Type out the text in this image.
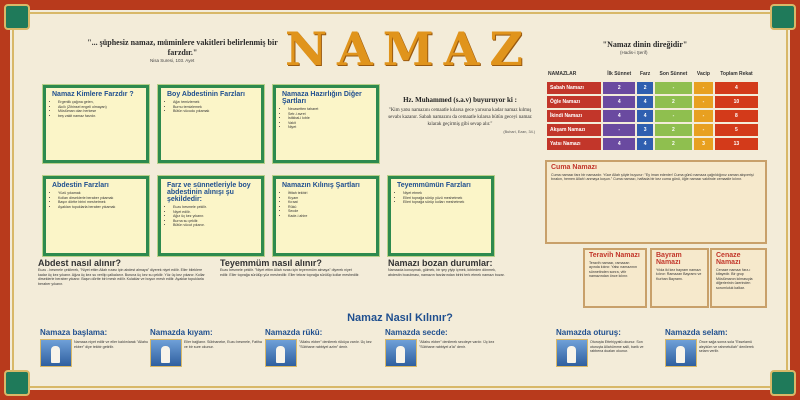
"... şüphesiz namaz, müminlere vakitleri belirlenmiş bir farzdır."
Nisa Suresi, 103. Ayet NAMAZ	"Namaz dinin direğidir"
(Hadis-i Şerif)
Namaz Kimlere Farzdır ?
• Ergenlik çağına gelen,
• Akıllı (Zihinsel engeli olmayan)
• Müslüman olan herkese
• beş vakit namaz farzdır.
Boy Abdestinin Farzları
• Ağzı temizlemek
• Burnu temizlemek
• Bütün vücudu yıkamak
Namaza Hazırlığın Diğer Şartları
• Necasetten taharet
• Setr-i avret
• İstikbal-i kıble
• Vakit
• Niyet
Hz. Muhammed (s.a.v) buyuruyor ki :
"Kim yatsı namazını cemaatle kılarsa gece yarısına kadar namaz kılmış sevabı kazanır. Sabah namazını da cemaatle kılarsa bütün geceyi namaz kılarak geçirmiş gibi sevap alır."
(Buhari, Ezan, 34.)
Abdestin Farzları
• Yüzü yıkamak
• Kolları dirseklerle beraber yıkamak
• Başın dörtte birini meshetmek
• Ayakları topuklarla beraber yıkamak
Farz ve sünnetleriyle boy abdestinin alınışı şu şekildedir:
• Euzu besmele çekilir.
• Niyet edilir.
• Ağız üç kez yıkanır.
• Burna su çekilir.
• Bütün vücut yıkanır.
Namazın Kılınış Şartları
• İftitah tekbiri
• Kıyam
• Kıraat
• Rükû
• Secde
• Kade-i ahire
Teyemmümün Farzları
• Niyet etmek
• Elleri toprağa sürüp yüzü meshetmek
• Elleri toprağa sürüp kolları meshetmek
NAMAZLAR	İlk Sünnet	Farz	Son Sünnet	Vacip	Toplam Rekat
Sabah Namazı	2	2	-	-	4
Öğle Namazı	4	4	2	-	10
İkindi Namazı	4	4	-	-	8
Akşam Namazı	-	3	2	-	5
Yatsı Namazı	4	4	2	3	13
Cuma Namazı

Cuma namazı farz bir namazdır. Yüce Allah şöyle buyurur: "Ey iman edenler! Cuma günü namaza çağrıldığınız zaman alışverişi bırakın, hemen Allah'ı anmaya koşun." Cuma namazı, haftada bir kez cuma günü, öğle namazı vaktinde cemaatle kılınır.

Teravih Namazı

Teravih namazı, ramazan ayında kılınır. Yatsı namazının sünnetinden sonra, vitir namazından önce kılınır.

Bayram Namazı

Yılda iki kez bayram namazı kılınır: Ramazan Bayramı ve Kurban Bayramı.

Cenaze Namazı

Cenaze namazı farz-ı kifayedir. Bir grup Müslümanın kılmasıyla diğerlerinin üzerinden sorumluluk kalkar.

Abdest nasıl alınır?
Euzu - besmele çekilerek, "Niyet ettim Allah rızası için abdest almaya" diyerek niyet edilir. Eller bileklere kadar üç kez yıkanır. Ağza üç kez su verilip çalkalanır. Buruna üç kez su çekilir. Yüz üç kez yıkanır. Kollar dirseklerle beraber yıkanır. Başın dörtte biri mesh edilir. Kulaklar ve boyun mesh edilir. Ayaklar topuklarla beraber yıkanır.
Teyemmüm nasıl alınır?
Euzu besmele çekilir. "Niyet ettim Allah rızası için teyemmüm almaya" diyerek niyet edilir. Eller toprağa sürülüp yüz meshedilir. Eller tekrar toprağa sürülüp kollar meshedilir.
Namazı bozan durumlar:
Namazda konuşmak, gülmek, bir şey yiyip içmek, kıbleden dönmek, abdestin bozulması, namazın farzlarından birini terk etmek namazı bozar.
Namaz Nasıl Kılınır?
Namaza başlama:
Namaza niyet edilir ve eller kaldırılarak "Allahu ekber" diye tekbir getirilir.
Namazda kıyam:
Eller bağlanır. Sübhaneke, Euzu besmele, Fatiha ve bir sure okunur.
Namazda rükû:
"Allahu ekber" denilerek rükûya varılır. Üç kez "Sübhane rabbiyel azim" denir.
Namazda secde:
"Allahu ekber" denilerek secdeye varılır. Üç kez "Sübhane rabbiyel a'la" denir.
Namazda oturuş:
Oturuşta Ettehiyyatü okunur. Son oturuşta Allahümme salli, barik ve rabbena duaları okunur.
Namazda selam:
Önce sağa sonra sola "Esselamü aleyküm ve rahmetullah" denilerek selam verilir.
